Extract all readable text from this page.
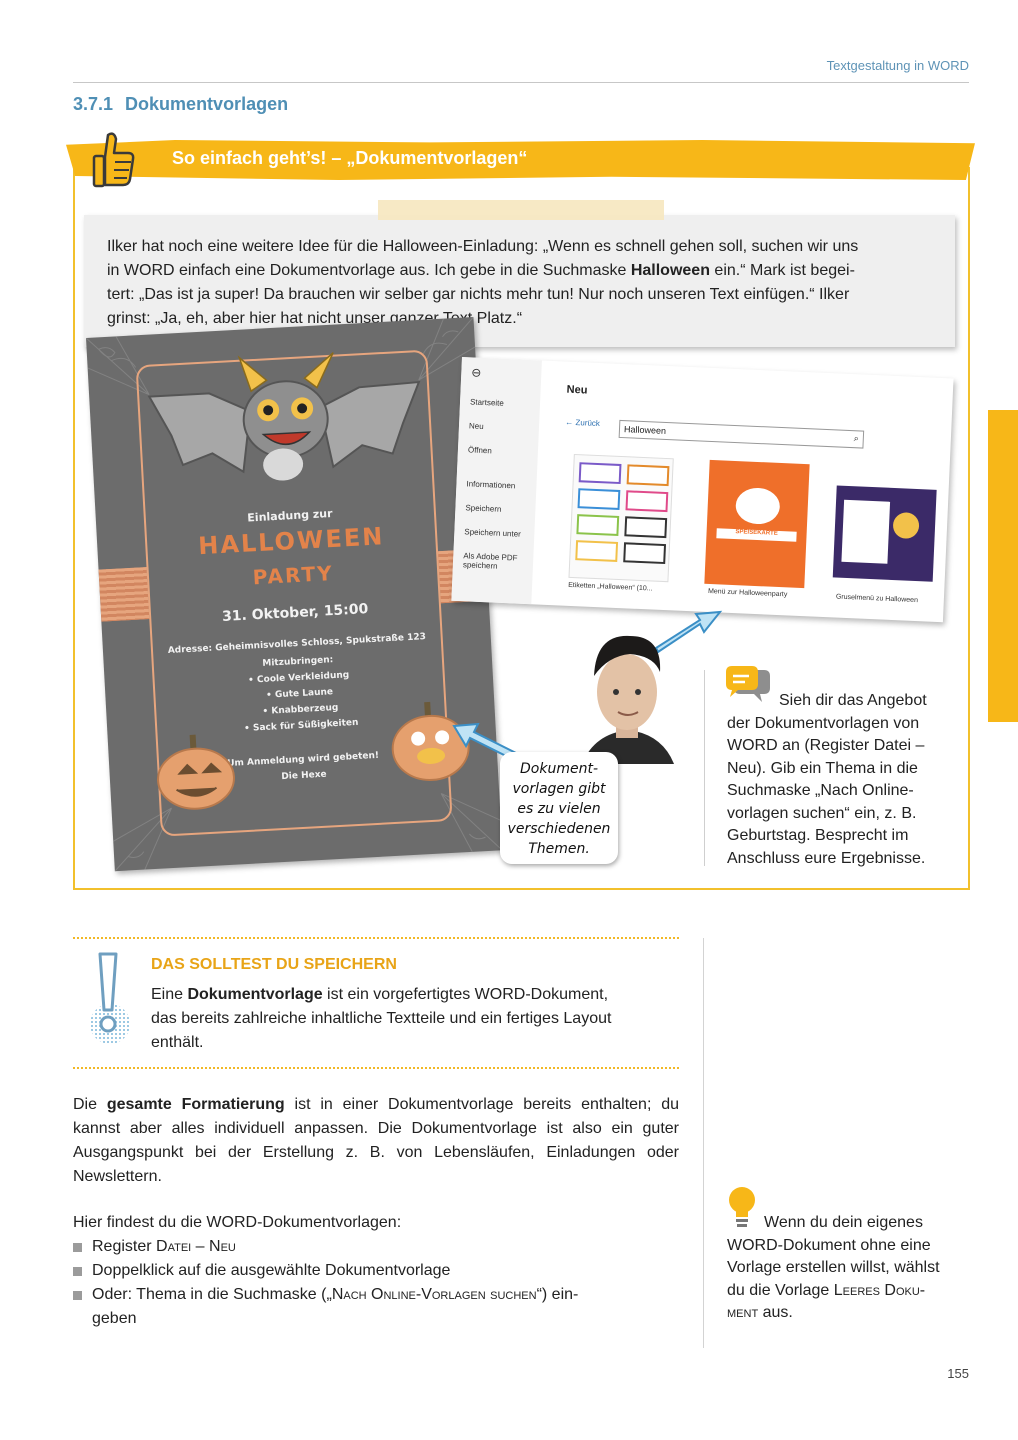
Textgestaltung in WORD
3.7.1 Dokumentvorlagen
So einfach geht’s! – „Dokumentvorlagen“
Ilker hat noch eine weitere Idee für die Halloween-Einladung: „Wenn es schnell gehen soll, suchen wir uns
in WORD einfach eine Dokumentvorlage aus. Ich gebe in die Suchmaske Halloween ein.“ Mark ist begei-
tert: „Das ist ja super! Da brauchen wir selber gar nichts mehr tun! Nur noch unseren Text einfügen.“ Ilker
grinst: „Ja, eh, aber hier hat nicht unser ganzer Text Platz.“
Einladung zur
HALLOWEEN
PARTY
31. Oktober, 15:00
Adresse: Geheimnisvolles Schloss, Spukstraße 123
Mitzubringen:
• Coole Verkleidung
• Gute Laune
• Knabberzeug
• Sack für Süßigkeiten
Um Anmeldung wird gebeten!
Die Hexe
⊖
Startseite
Neu
Öffnen
Informationen
Speichern
Speichern unter
Als Adobe PDF speichern
Neu
← Zurück
Halloween
⌕
SPEISEKARTE
Etiketten „Halloween“ (10...
Menü zur Halloweenparty
Gruselmenü zu Halloween
Dokument-
vorlagen gibt
es zu vielen
verschiedenen
Themen.
Sieh dir das Angebot
der Dokumentvorlagen von
WORD an (Register Datei –
Neu). Gib ein Thema in die
Suchmaske „Nach Online-
vorlagen suchen“ ein, z. B.
Geburtstag. Besprecht im
Anschluss eure Ergebnisse.
DAS SOLLTEST DU SPEICHERN
Eine Dokumentvorlage ist ein vorgefertigtes WORD-Dokument,
das bereits zahlreiche inhaltliche Textteile und ein fertiges Layout
enthält.
Die gesamte Formatierung ist in einer Dokumentvorlage bereits enthalten; du
kannst aber alles individuell anpassen. Die Dokumentvorlage ist also ein guter
Ausgangspunkt bei der Erstellung z. B. von Lebensläufen, Einladungen oder
Newslettern.
Hier findest du die WORD-Dokumentvorlagen:
Register Datei – Neu
Doppelklick auf die ausgewählte Dokumentvorlage
Oder: Thema in die Suchmaske („Nach Online-Vorlagen suchen“) ein-
geben
Wenn du dein eigenes
WORD-Dokument ohne eine
Vorlage erstellen willst, wählst
du die Vorlage Leeres Doku-
ment aus.
155
